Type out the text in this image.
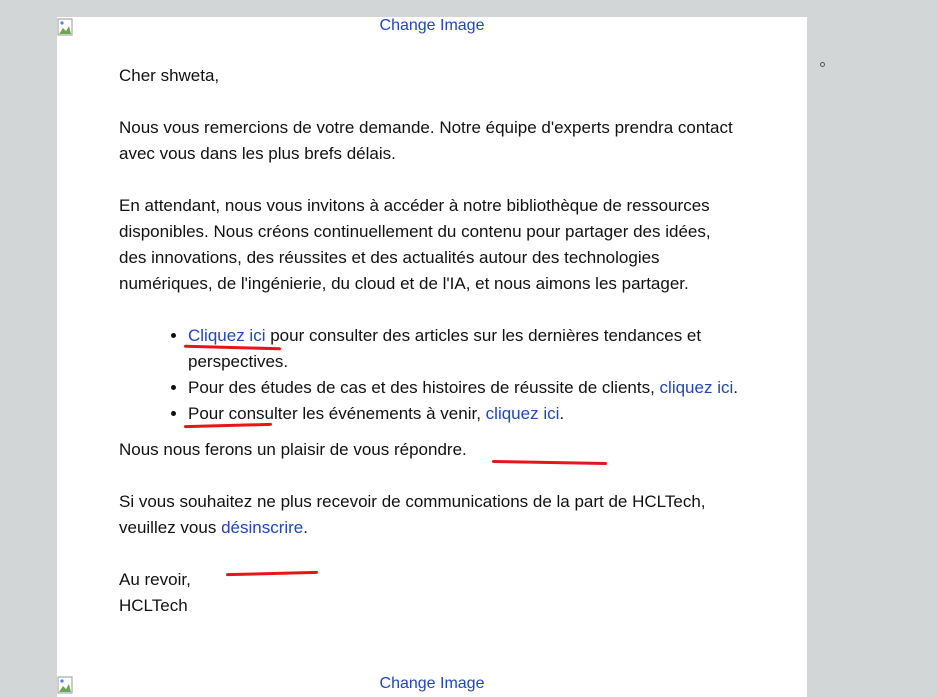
Change Image

Cher shweta,

Nous vous remercions de votre demande. Notre équipe d'experts prendra contact avec vous dans les plus brefs délais.

En attendant, nous vous invitons à accéder à notre bibliothèque de ressources disponibles. Nous créons continuellement du contenu pour partager des idées, des innovations, des réussites et des actualités autour des technologies numériques, de l'ingénierie, du cloud et de l'IA, et nous aimons les partager.

• Cliquez ici pour consulter des articles sur les dernières tendances et perspectives.
• Pour des études de cas et des histoires de réussite de clients, cliquez ici.
• Pour consulter les événements à venir, cliquez ici.

Nous nous ferons un plaisir de vous répondre.

Si vous souhaitez ne plus recevoir de communications de la part de HCLTech, veuillez vous désinscrire.

Au revoir,
HCLTech

Change Image
